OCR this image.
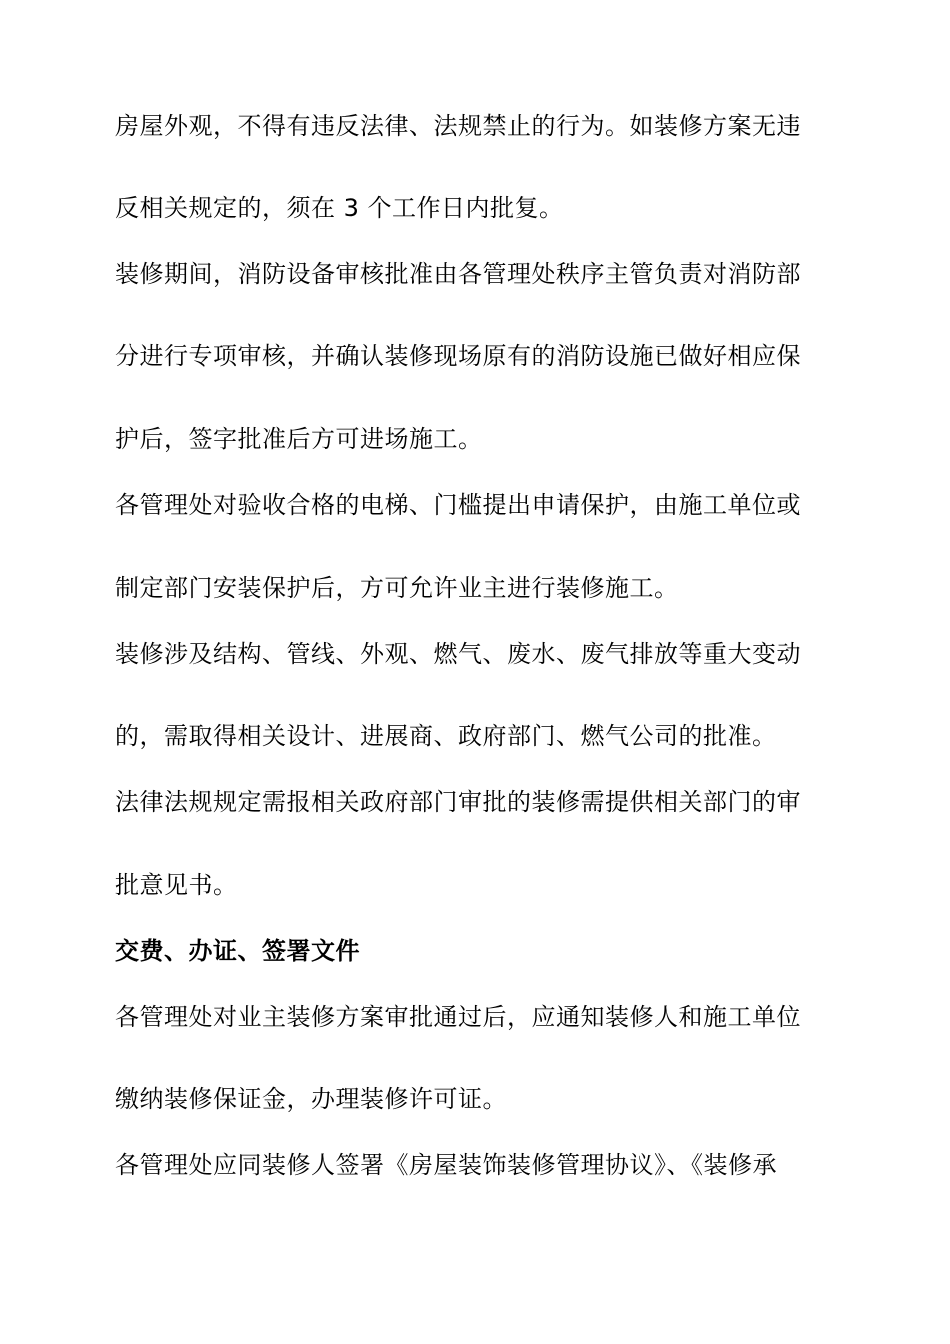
房屋外观，不得有违反法律、法规禁止的行为。如装修方案无违
反相关规定的，须在 3 个工作日内批复。
装修期间，消防设备审核批准由各管理处秩序主管负责对消防部
分进行专项审核，并确认装修现场原有的消防设施已做好相应保
护后，签字批准后方可进场施工。
各管理处对验收合格的电梯、门槛提出申请保护，由施工单位或
制定部门安装保护后，方可允许业主进行装修施工。
装修涉及结构、管线、外观、燃气、废水、废气排放等重大变动
的，需取得相关设计、进展商、政府部门、燃气公司的批准。
法律法规规定需报相关政府部门审批的装修需提供相关部门的审
批意见书。
交费、办证、签署文件
各管理处对业主装修方案审批通过后，应通知装修人和施工单位
缴纳装修保证金，办理装修许可证。
各管理处应同装修人签署《房屋装饰装修管理协议》、《装修承
